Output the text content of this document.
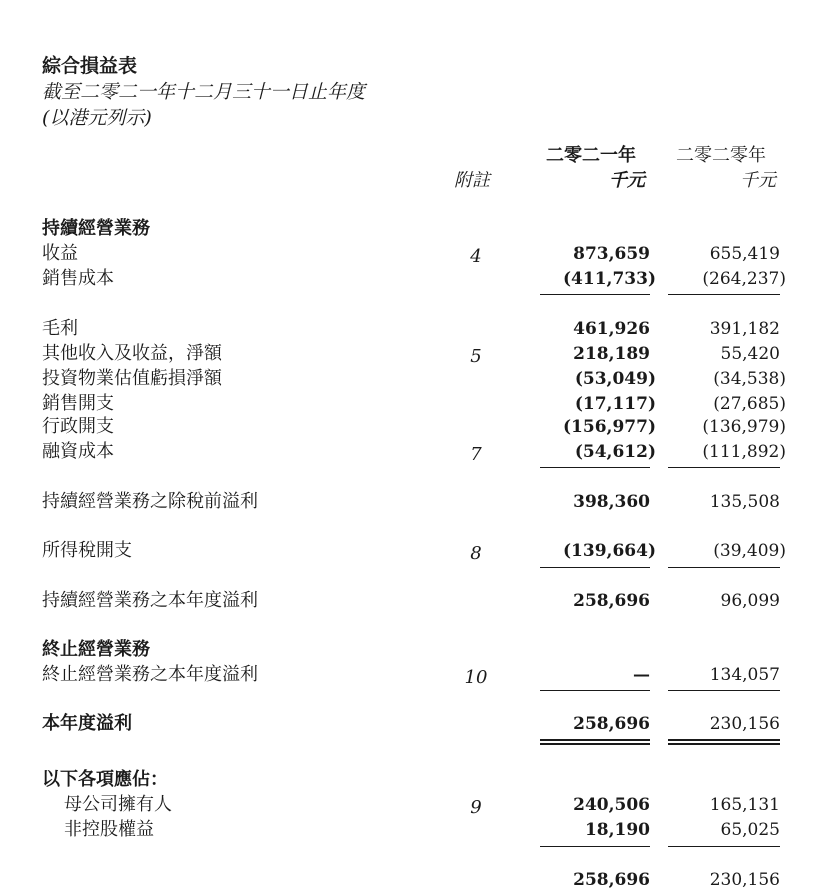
綜合損益表
截至二零二一年十二月三十一日止年度
(以港元列示)
二零二一年 二零二零年
附註	千元	千元
持續經營業務
收益	4	873,659	655,419
銷售成本	(411,733)	(264,237)
毛利	461,926	391,182
其他收入及收益，淨額	5	218,189	55,420
投資物業估值虧損淨額	(53,049)	(34,538)
銷售開支	(17,117)	(27,685)
行政開支	(156,977)	(136,979)
融資成本	7	(54,612)	(111,892)
持續經營業務之除稅前溢利	398,360	135,508
所得稅開支	8	(139,664)	(39,409)
持續經營業務之本年度溢利	258,696	96,099
終止經營業務
終止經營業務之本年度溢利	10	—	134,057
本年度溢利	258,696	230,156
以下各項應佔：
母公司擁有人	9	240,506	165,131
非控股權益	18,190	65,025
258,696	230,156
